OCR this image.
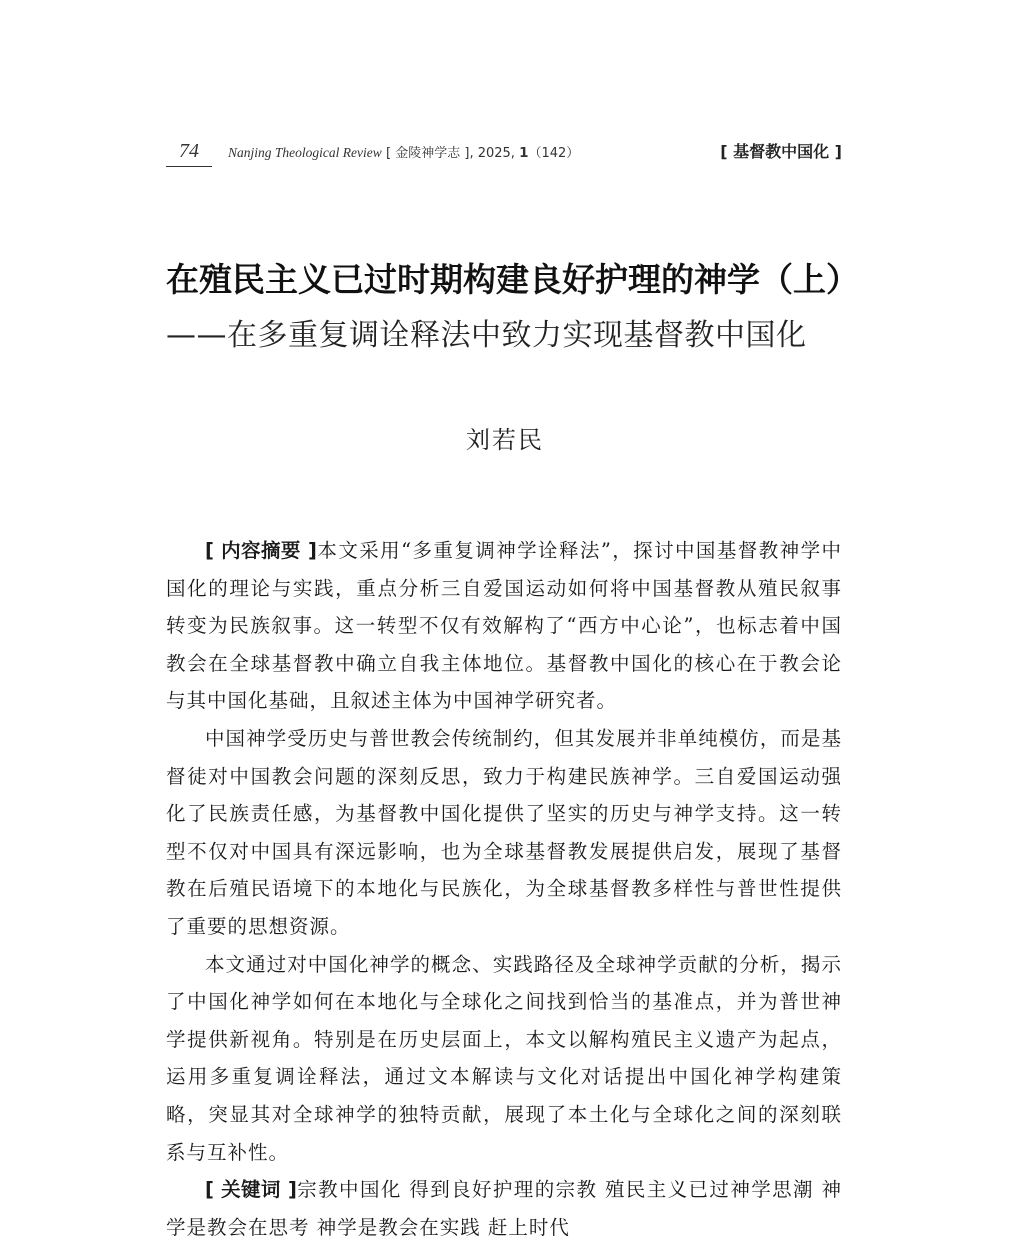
74	Nanjing Theological Review [ 金陵神学志 ], 2025, 1（142）	[ 基督教中国化 ]
在殖民主义已过时期构建良好护理的神学（上）
——在多重复调诠释法中致力实现基督教中国化
刘若民

[ 内容摘要 ]本文采用“多重复调神学诠释法”，探讨中国基督教神学中国化的理论与实践，重点分析三自爱国运动如何将中国基督教从殖民叙事转变为民族叙事。这一转型不仅有效解构了“西方中心论”，也标志着中国教会在全球基督教中确立自我主体地位。基督教中国化的核心在于教会论与其中国化基础，且叙述主体为中国神学研究者。

中国神学受历史与普世教会传统制约，但其发展并非单纯模仿，而是基督徒对中国教会问题的深刻反思，致力于构建民族神学。三自爱国运动强化了民族责任感，为基督教中国化提供了坚实的历史与神学支持。这一转型不仅对中国具有深远影响，也为全球基督教发展提供启发，展现了基督教在后殖民语境下的本地化与民族化，为全球基督教多样性与普世性提供了重要的思想资源。

本文通过对中国化神学的概念、实践路径及全球神学贡献的分析，揭示了中国化神学如何在本地化与全球化之间找到恰当的基准点，并为普世神学提供新视角。特别是在历史层面上，本文以解构殖民主义遗产为起点，运用多重复调诠释法，通过文本解读与文化对话提出中国化神学构建策略，突显其对全球神学的独特贡献，展现了本土化与全球化之间的深刻联系与互补性。

[ 关键词 ]宗教中国化 得到良好护理的宗教 殖民主义已过神学思潮 神学是教会在思考 神学是教会在实践 赶上时代
